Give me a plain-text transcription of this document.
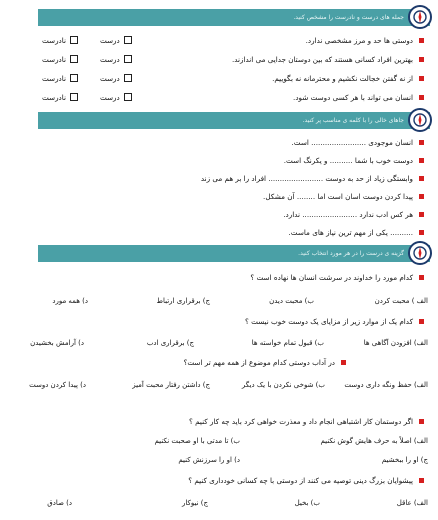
جمله های درست و نادرست را مشخص کنید.
دوستی ها حد و مرز مشخصی ندارد.
درست
نادرست
بهترین افراد کسانی هستند که بین دوستان جدایی می اندازند.
درست
نادرست
از نه گفتن خجالت نکشیم و محترمانه نه بگوییم.
درست
نادرست
انسان می تواند با هر کسی دوست شود.
درست
نادرست
جاهای خالی را با کلمه ی مناسب پر کنید.
انسان موجودی ........................ است.
دوست خوب با شما .......... و یکرنگ است.
وابستگی زیاد از حد به دوست ........................ افراد را بر هم می زند
پیدا کردن دوست اسان است اما ........ آن مشکل.
هر کس ادب ندارد ........................ ندارد.
.......... یکی از مهم ترین نیاز های ماست.
گزینه ی درست را در هر مورد انتخاب کنید.
کدام مورد را خداوند در سرشت انسان ها نهاده است ؟
الف ) محبت کردن
ب) محبت دیدن
ج) برقراری ارتباط
د) همه مورد
کدام یک از موارد زیر از مزایای یک دوست خوب نیست ؟
الف) افزودن آگاهی ها
ب) قبول تمام خواسته ها
ج) برقراری ادب
د) آرامش بخشیدن
در آداب دوستی کدام موضوع از همه مهم تر است؟
الف) حفظ ونگه داری دوست
ب) شوخی نکردن با یک دیگر
ج) داشتن رفتار محبت آمیز
د) پیدا کردن دوست
اگر دوستمان کار اشتباهی انجام داد و معذرت خواهی کرد باید چه کار کنیم ؟
الف) اصلاً به حرف هایش گوش نکنیم
ب) تا مدتی با او صحبت نکنیم
ج) او را ببخشیم
د) او را سرزنش کنیم
پیشوایان بزرگ دینی توصیه می کنند از دوستی با چه کسانی خودداری کنیم ؟
الف) عاقل
ب) بخیل
ج) نیوکار
د) صادق
